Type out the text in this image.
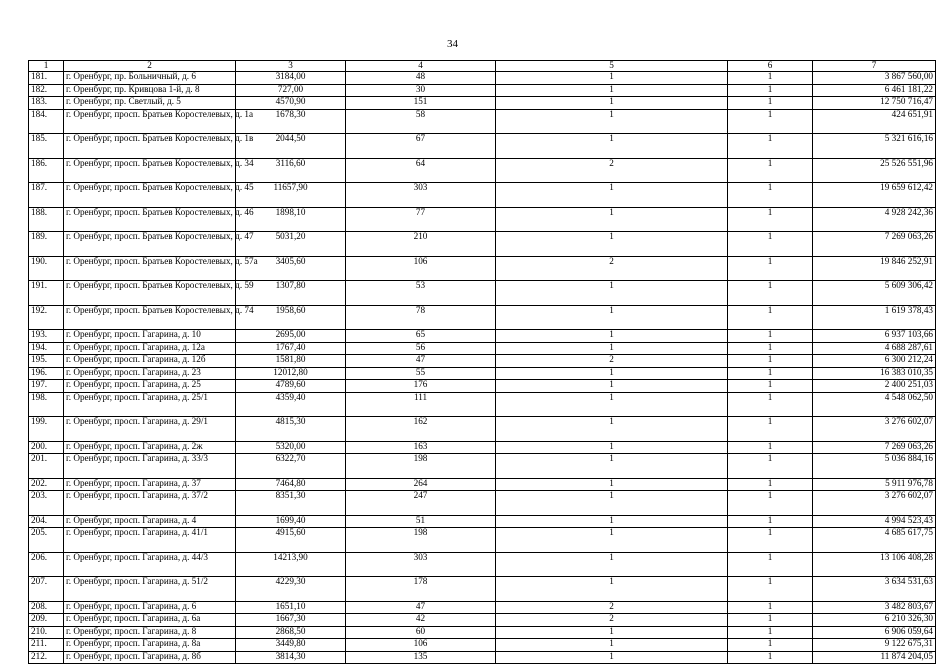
34
1	2	3	4	5	6	7
181.	г. Оренбург, пр. Больничный, д. 6	3184,00	48	1	1	3 867 560,00
182.	г. Оренбург, пр. Кривцова 1-й, д. 8	727,00	30	1	1	6 461 181,22
183.	г. Оренбург, пр. Светлый, д. 5	4570,90	151	1	1	12 750 716,47
184.	г. Оренбург, просп. Братьев Коростелевых, д. 1а	1678,30	58	1	1	424 651,91
185.	г. Оренбург, просп. Братьев Коростелевых, д. 1в	2044,50	67	1	1	5 321 616,16
186.	г. Оренбург, просп. Братьев Коростелевых, д. 34	3116,60	64	2	1	25 526 551,96
187.	г. Оренбург, просп. Братьев Коростелевых, д. 45	11657,90	303	1	1	19 659 612,42
188.	г. Оренбург, просп. Братьев Коростелевых, д. 46	1898,10	77	1	1	4 928 242,36
189.	г. Оренбург, просп. Братьев Коростелевых, д. 47	5031,20	210	1	1	7 269 063,26
190.	г. Оренбург, просп. Братьев Коростелевых, д. 57а	3405,60	106	2	1	19 846 252,91
191.	г. Оренбург, просп. Братьев Коростелевых, д. 59	1307,80	53	1	1	5 609 306,42
192.	г. Оренбург, просп. Братьев Коростелевых, д. 74	1958,60	78	1	1	1 619 378,43
193.	г. Оренбург, просп. Гагарина, д. 10	2695,00	65	1	1	6 937 103,66
194.	г. Оренбург, просп. Гагарина, д. 12а	1767,40	56	1	1	4 688 287,61
195.	г. Оренбург, просп. Гагарина, д. 12б	1581,80	47	2	1	6 300 212,24
196.	г. Оренбург, просп. Гагарина, д. 23	12012,80	55	1	1	16 383 010,35
197.	г. Оренбург, просп. Гагарина, д. 25	4789,60	176	1	1	2 400 251,03
198.	г. Оренбург, просп. Гагарина, д. 25/1	4359,40	111	1	1	4 548 062,50
199.	г. Оренбург, просп. Гагарина, д. 29/1	4815,30	162	1	1	3 276 602,07
200.	г. Оренбург, просп. Гагарина, д. 2ж	5320,00	163	1	1	7 269 063,26
201.	г. Оренбург, просп. Гагарина, д. 33/3	6322,70	198	1	1	5 036 884,16
202.	г. Оренбург, просп. Гагарина, д. 37	7464,80	264	1	1	5 911 976,78
203.	г. Оренбург, просп. Гагарина, д. 37/2	8351,30	247	1	1	3 276 602,07
204.	г. Оренбург, просп. Гагарина, д. 4	1699,40	51	1	1	4 994 523,43
205.	г. Оренбург, просп. Гагарина, д. 41/1	4915,60	198	1	1	4 685 617,75
206.	г. Оренбург, просп. Гагарина, д. 44/3	14213,90	303	1	1	13 106 408,28
207.	г. Оренбург, просп. Гагарина, д. 51/2	4229,30	178	1	1	3 634 531,63
208.	г. Оренбург, просп. Гагарина, д. 6	1651,10	47	2	1	3 482 803,67
209.	г. Оренбург, просп. Гагарина, д. 6а	1667,30	42	2	1	6 210 326,30
210.	г. Оренбург, просп. Гагарина, д. 8	2868,50	60	1	1	6 906 059,64
211.	г. Оренбург, просп. Гагарина, д. 8а	3449,80	106	1	1	9 122 675,31
212.	г. Оренбург, просп. Гагарина, д. 8б	3814,30	135	1	1	11 874 204,05
